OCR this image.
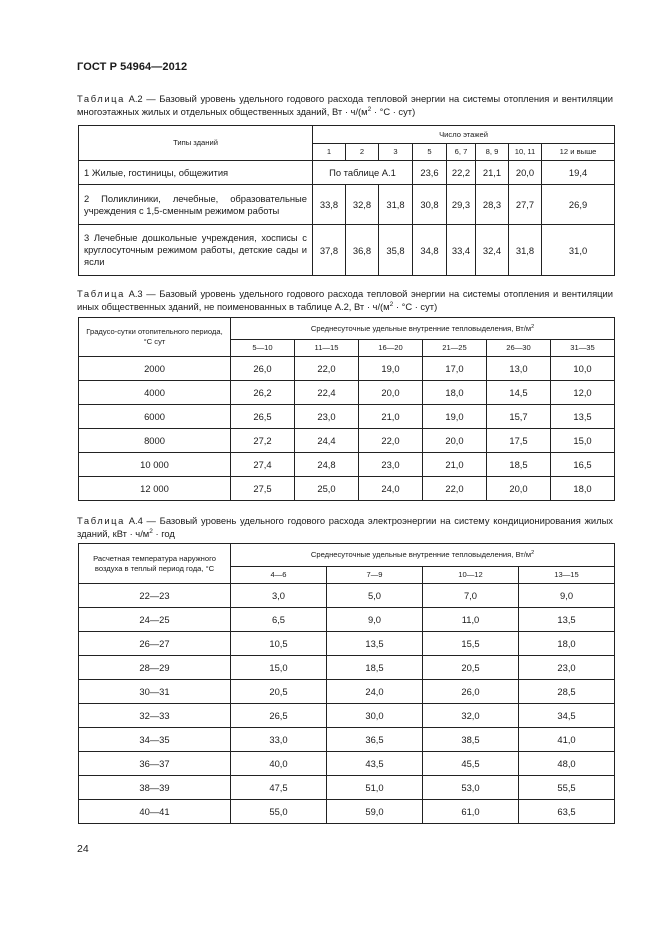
ГОСТ Р 54964—2012
Таблица А.2 — Базовый уровень удельного годового расхода тепловой энергии на системы отопления и вентиляции многоэтажных жилых и отдельных общественных зданий, Вт · $ч/(м^2 \cdot ^\circ С \cdot сут)$
Типы зданий	Число этажей							
	1	2	3	5	6, 7	8, 9	10, 11	12 и выше
1 Жилые, гостиницы, общежития	По таблице А.1			23,6	22,2	21,1	20,0	19,4
2 Поликлиники, лечебные, образовательные учреждения с 1,5-сменным режимом работы	33,8	32,8	31,8	30,8	29,3	28,3	27,7	26,9
3 Лечебные дошкольные учреждения, хосписы с круглосуточным режимом работы, детские сады и ясли	37,8	36,8	35,8	34,8	33,4	32,4	31,8	31,0
Таблица А.3 — Базовый уровень удельного годового расхода тепловой энергии на системы отопления и вентиляции иных общественных зданий, не поименованных в таблице А.2, Вт · $ч/(м^2 \cdot ^\circ С \cdot сут)$
Градусо-сутки отопительного периода, °С сут	Среднесуточные удельные внутренние тепловыделения, $Вт/м^2$
	5—10	11—15	16—20	21—25	26—30	31—35
2000	26,0	22,0	19,0	17,0	13,0	10,0
4000	26,2	22,4	20,0	18,0	14,5	12,0
6000	26,5	23,0	21,0	19,0	15,7	13,5
8000	27,2	24,4	22,0	20,0	17,5	15,0
10 000	27,4	24,8	23,0	21,0	18,5	16,5
12 000	27,5	25,0	24,0	22,0	20,0	18,0
Таблица А.4 — Базовый уровень удельного годового расхода электроэнергии на систему кондиционирования жилых зданий, кВт · $ч/м^2$ · год
Расчетная температура наружного воздуха в теплый период года, °С	Среднесуточные удельные внутренние тепловыделения, $Вт/м^2$
	4—6	7—9	10—12	13—15
22—23	3,0	5,0	7,0	9,0
24—25	6,5	9,0	11,0	13,5
26—27	10,5	13,5	15,5	18,0
28—29	15,0	18,5	20,5	23,0
30—31	20,5	24,0	26,0	28,5
32—33	26,5	30,0	32,0	34,5
34—35	33,0	36,5	38,5	41,0
36—37	40,0	43,5	45,5	48,0
38—39	47,5	51,0	53,0	55,5
40—41	55,0	59,0	61,0	63,5
24
